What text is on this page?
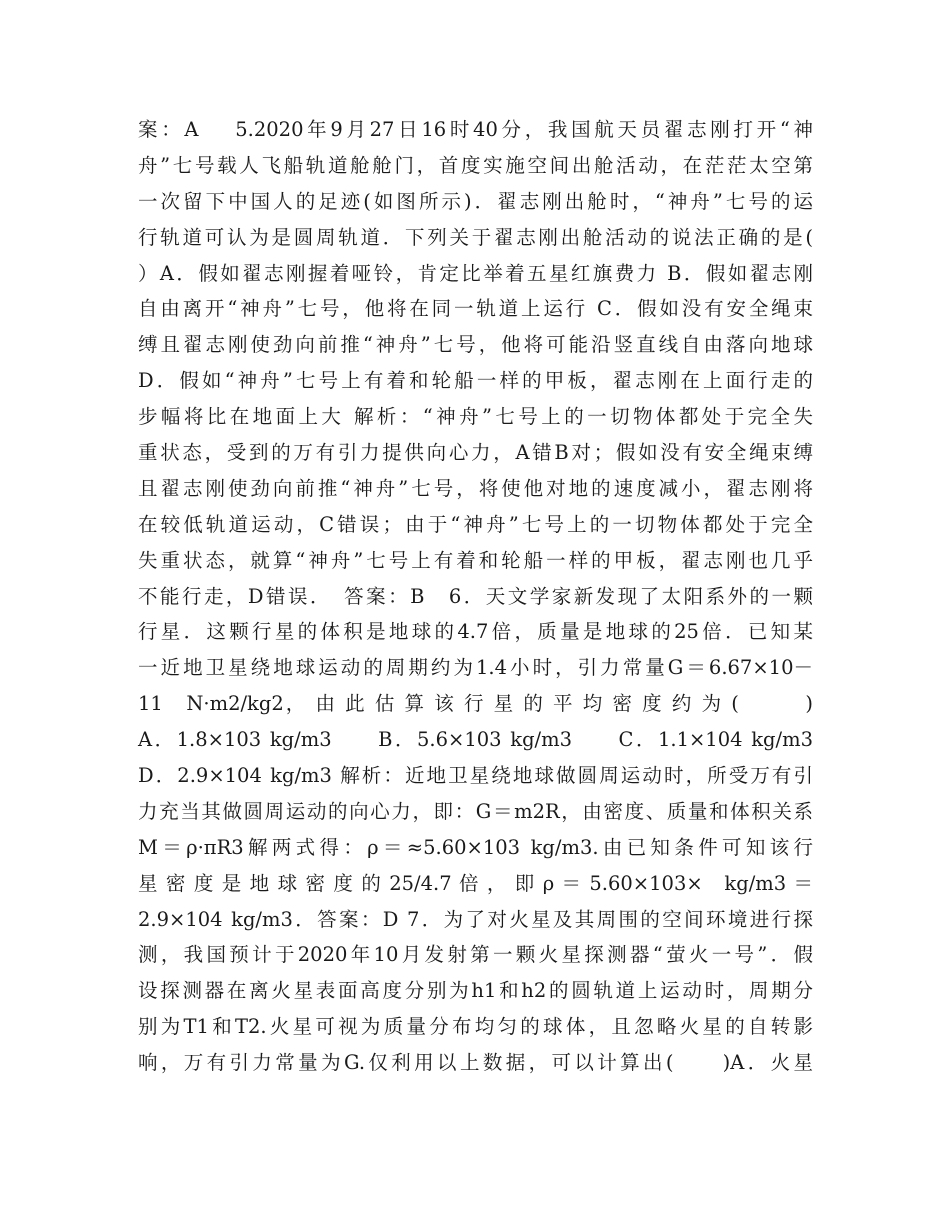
案：A　 5.2020年9月27日16时40分，我国航天员翟志刚打开“神
舟”七号载人飞船轨道舱舱门，首度实施空间出舱活动，在茫茫太空第
一次留下中国人的足迹(如图所示)．翟志刚出舱时，“神舟”七号的运
行轨道可认为是圆周轨道．下列关于翟志刚出舱活动的说法正确的是(
）A．假如翟志刚握着哑铃，肯定比举着五星红旗费力 B．假如翟志刚
自由离开“神舟”七号，他将在同一轨道上运行 C．假如没有安全绳束
缚且翟志刚使劲向前推“神舟”七号，他将可能沿竖直线自由落向地球
D．假如“神舟”七号上有着和轮船一样的甲板，翟志刚在上面行走的
步幅将比在地面上大 解析：“神舟”七号上的一切物体都处于完全失
重状态，受到的万有引力提供向心力，A错B对；假如没有安全绳束缚
且翟志刚使劲向前推“神舟”七号，将使他对地的速度减小，翟志刚将
在较低轨道运动，C错误；由于“神舟”七号上的一切物体都处于完全
失重状态，就算“神舟”七号上有着和轮船一样的甲板，翟志刚也几乎
不能行走，D错误．　答案：B　6．天文学家新发现了太阳系外的一颗
行星．这颗行星的体积是地球的4.7倍，质量是地球的25倍．已知某
一近地卫星绕地球运动的周期约为1.4小时，引力常量G＝6.67×10－
11　N·m2/kg2， 由 此 估 算 该 行 星 的 平 均 密 度 约 为 (　　　)
A．1.8×103 kg/m3　　B．5.6×103 kg/m3　　C．1.1×104 kg/m3
D．2.9×104 kg/m3 解析：近地卫星绕地球做圆周运动时，所受万有引
力充当其做圆周运动的向心力，即：G＝m2R，由密度、质量和体积关系
M＝ρ·πR3解两式得：ρ＝≈5.60×103 kg/m3.由已知条件可知该行
星 密 度 是 地 球 密 度 的 25/4.7 倍 ， 即 ρ ＝ 5.60×103×　kg/m3 ＝
2.9×104 kg/m3．答案：D 7．为了对火星及其周围的空间环境进行探
测，我国预计于2020年10月发射第一颗火星探测器“萤火一号”．假
设探测器在离火星表面高度分别为h1和h2的圆轨道上运动时，周期分
别为T1和T2.火星可视为质量分布均匀的球体，且忽略火星的自转影
响，万有引力常量为G.仅利用以上数据，可以计算出(　　)A．火星
